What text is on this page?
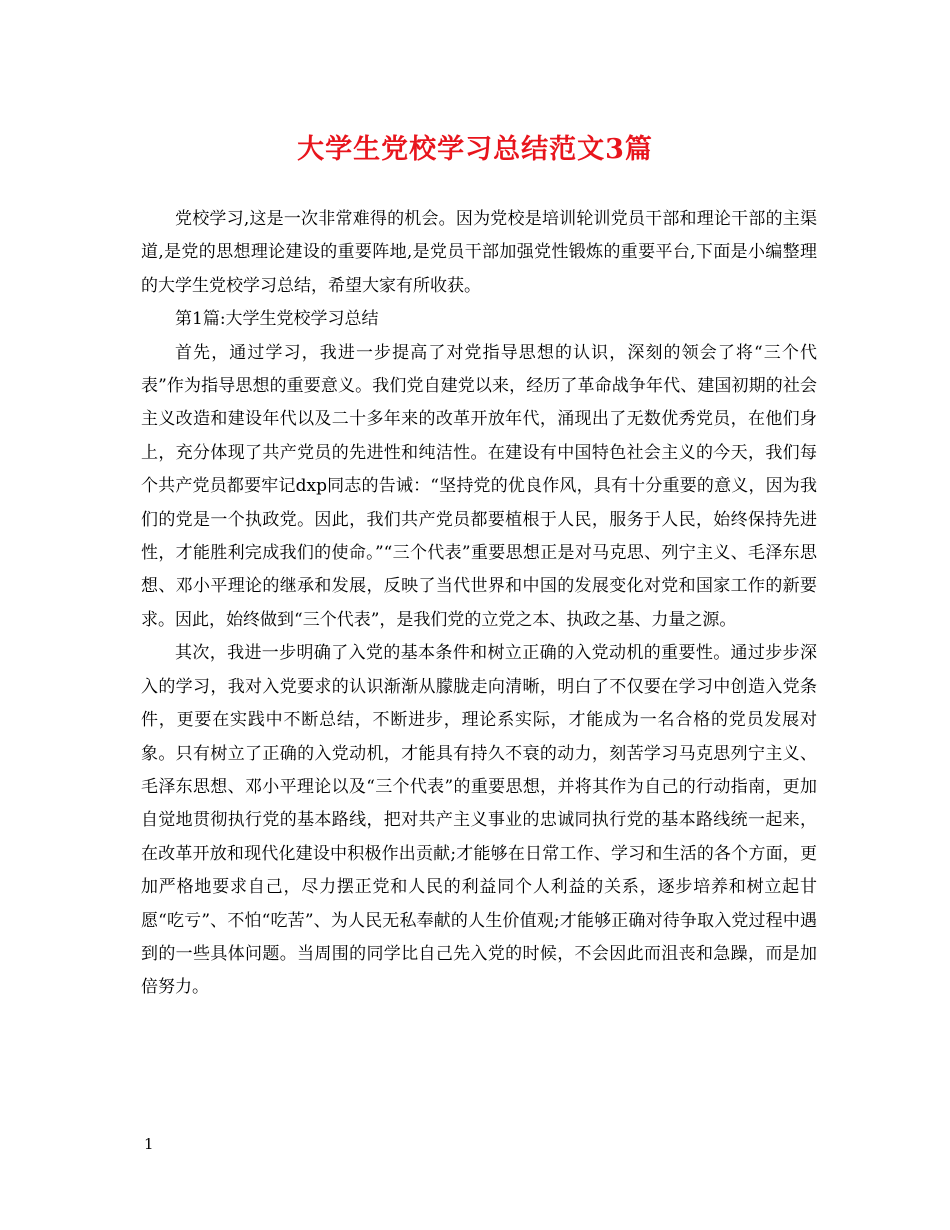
大学生党校学习总结范文3篇

党校学习,这是一次非常难得的机会。因为党校是培训轮训党员干部和理论干部的主渠道,是党的思想理论建设的重要阵地,是党员干部加强党性锻炼的重要平台,下面是小编整理的大学生党校学习总结，希望大家有所收获。

第1篇:大学生党校学习总结

首先，通过学习，我进一步提高了对党指导思想的认识，深刻的领会了将“三个代表”作为指导思想的重要意义。我们党自建党以来，经历了革命战争年代、建国初期的社会主义改造和建设年代以及二十多年来的改革开放年代，涌现出了无数优秀党员，在他们身上，充分体现了共产党员的先进性和纯洁性。在建设有中国特色社会主义的今天，我们每个共产党员都要牢记dxp同志的告诫：“坚持党的优良作风，具有十分重要的意义，因为我们的党是一个执政党。因此，我们共产党员都要植根于人民，服务于人民，始终保持先进性，才能胜利完成我们的使命。”“三个代表”重要思想正是对马克思、列宁主义、毛泽东思想、邓小平理论的继承和发展，反映了当代世界和中国的发展变化对党和国家工作的新要求。因此，始终做到“三个代表”，是我们党的立党之本、执政之基、力量之源。

其次，我进一步明确了入党的基本条件和树立正确的入党动机的重要性。通过步步深入的学习，我对入党要求的认识渐渐从朦胧走向清晰，明白了不仅要在学习中创造入党条件，更要在实践中不断总结，不断进步，理论系实际，才能成为一名合格的党员发展对象。只有树立了正确的入党动机，才能具有持久不衰的动力，刻苦学习马克思列宁主义、毛泽东思想、邓小平理论以及“三个代表”的重要思想，并将其作为自己的行动指南，更加自觉地贯彻执行党的基本路线，把对共产主义事业的忠诚同执行党的基本路线统一起来，在改革开放和现代化建设中积极作出贡献;才能够在日常工作、学习和生活的各个方面，更加严格地要求自己，尽力摆正党和人民的利益同个人利益的关系，逐步培养和树立起甘愿“吃亏”、不怕“吃苦”、为人民无私奉献的人生价值观;才能够正确对待争取入党过程中遇到的一些具体问题。当周围的同学比自己先入党的时候，不会因此而沮丧和急躁，而是加倍努力。

1
